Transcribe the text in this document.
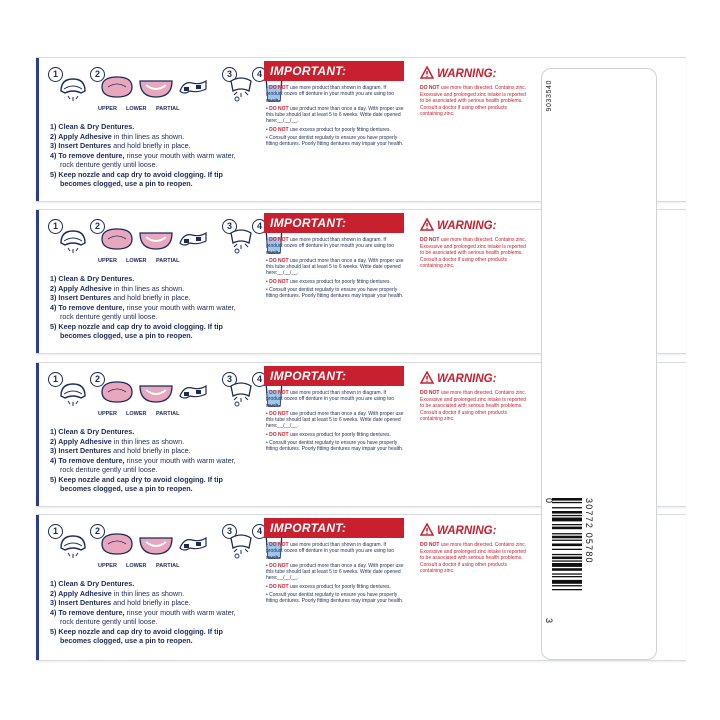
1	2	3	4
UPPER LOWER PARTIAL
1) Clean & Dry Dentures.
2) Apply Adhesive in thin lines as shown.
3) Insert Dentures and hold briefly in place.
4) To remove denture, rinse your mouth with warm water,
rock denture gently until loose.
5) Keep nozzle and cap dry to avoid clogging. If tip
becomes clogged, use a pin to reopen.
IMPORTANT:
• DO NOT use more product than shown in diagram. If product oozes off denture in your mouth you are using too much.
• DO NOT use product more than once a day. With proper use this tube should last at least 5 to 6 weeks. Write date opened here:__/__/__.
• DO NOT use excess product for poorly fitting dentures.
• Consult your dentist regularly to ensure you have properly fitting dentures. Poorly fitting dentures may impair your health.
WARNING:
DO NOT use more than directed. Contains zinc. Excessive and prolonged zinc intake is reported to be associated with serious health problems. Consult a doctor if using other products containing zinc.
1	2	3	4
UPPER LOWER PARTIAL
1) Clean & Dry Dentures.
2) Apply Adhesive in thin lines as shown.
3) Insert Dentures and hold briefly in place.
4) To remove denture, rinse your mouth with warm water,
rock denture gently until loose.
5) Keep nozzle and cap dry to avoid clogging. If tip
becomes clogged, use a pin to reopen.
IMPORTANT:
• DO NOT use more product than shown in diagram. If product oozes off denture in your mouth you are using too much.
• DO NOT use product more than once a day. With proper use this tube should last at least 5 to 6 weeks. Write date opened here:__/__/__.
• DO NOT use excess product for poorly fitting dentures.
• Consult your dentist regularly to ensure you have properly fitting dentures. Poorly fitting dentures may impair your health.
WARNING:
DO NOT use more than directed. Contains zinc. Excessive and prolonged zinc intake is reported to be associated with serious health problems. Consult a doctor if using other products containing zinc.
1	2	3	4
UPPER LOWER PARTIAL
1) Clean & Dry Dentures.
2) Apply Adhesive in thin lines as shown.
3) Insert Dentures and hold briefly in place.
4) To remove denture, rinse your mouth with warm water,
rock denture gently until loose.
5) Keep nozzle and cap dry to avoid clogging. If tip
becomes clogged, use a pin to reopen.
IMPORTANT:
• DO NOT use more product than shown in diagram. If product oozes off denture in your mouth you are using too much.
• DO NOT use product more than once a day. With proper use this tube should last at least 5 to 6 weeks. Write date opened here:__/__/__.
• DO NOT use excess product for poorly fitting dentures.
• Consult your dentist regularly to ensure you have properly fitting dentures. Poorly fitting dentures may impair your health.
WARNING:
DO NOT use more than directed. Contains zinc. Excessive and prolonged zinc intake is reported to be associated with serious health problems. Consult a doctor if using other products containing zinc.
1	2	3	4
UPPER LOWER PARTIAL
1) Clean & Dry Dentures.
2) Apply Adhesive in thin lines as shown.
3) Insert Dentures and hold briefly in place.
4) To remove denture, rinse your mouth with warm water,
rock denture gently until loose.
5) Keep nozzle and cap dry to avoid clogging. If tip
becomes clogged, use a pin to reopen.
IMPORTANT:
• DO NOT use more product than shown in diagram. If product oozes off denture in your mouth you are using too much.
• DO NOT use product more than once a day. With proper use this tube should last at least 5 to 6 weeks. Write date opened here:__/__/__.
• DO NOT use excess product for poorly fitting dentures.
• Consult your dentist regularly to ensure you have properly fitting dentures. Poorly fitting dentures may impair your health.
WARNING:
DO NOT use more than directed. Contains zinc. Excessive and prolonged zinc intake is reported to be associated with serious health problems. Consult a doctor if using other products containing zinc.
9033540
0	30772 05780
3
